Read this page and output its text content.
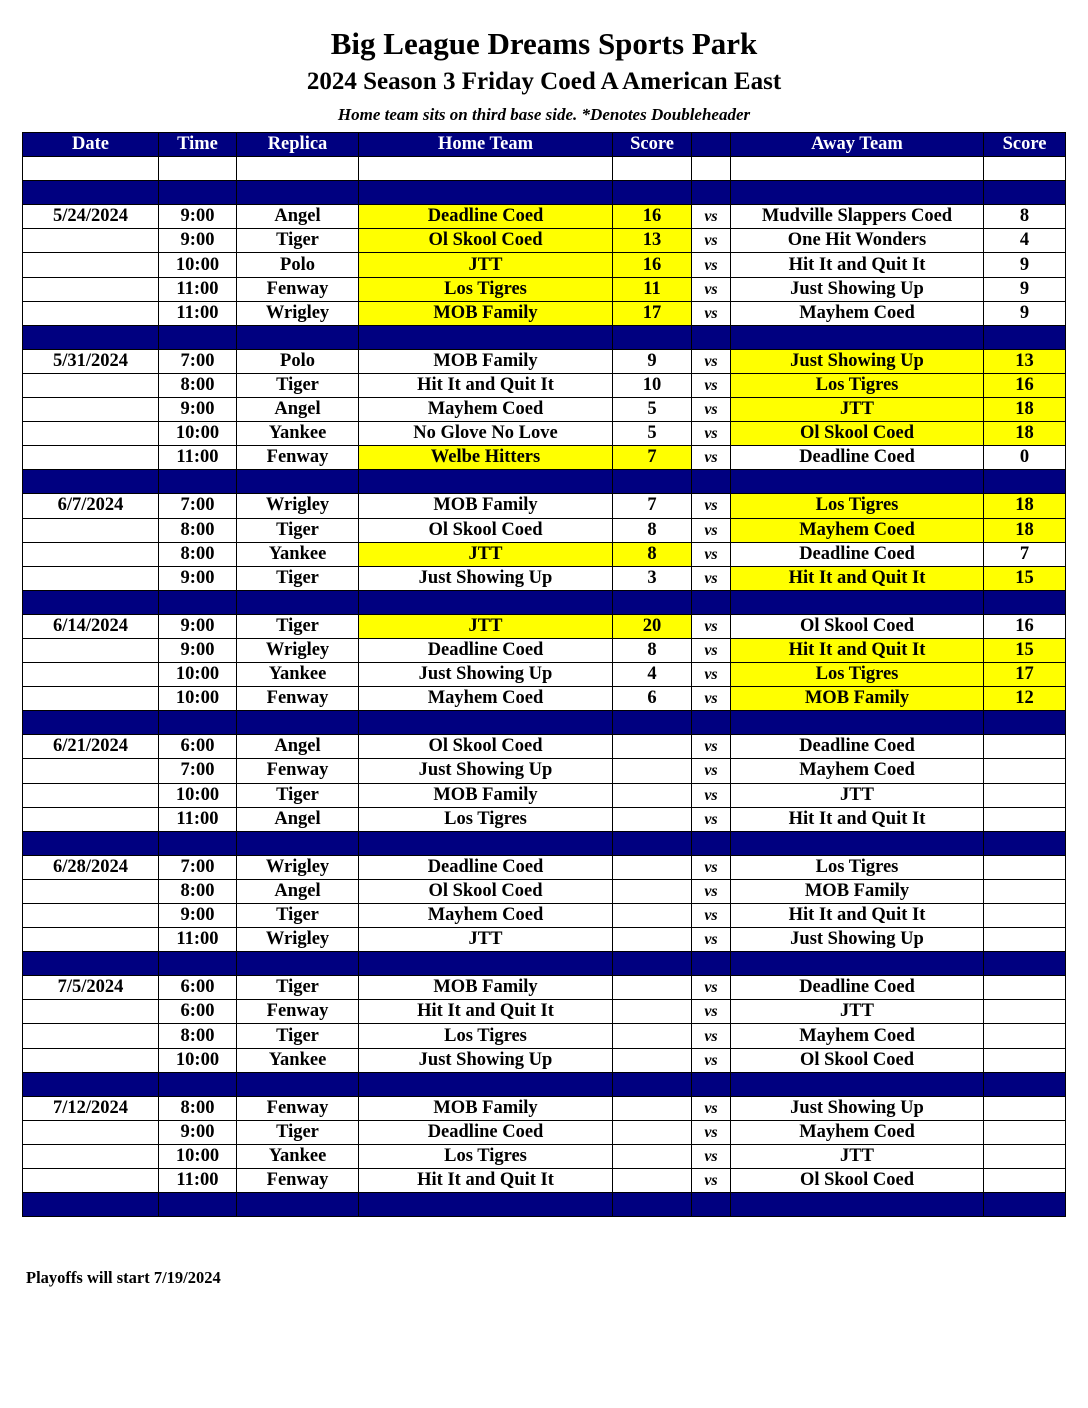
Big League Dreams Sports Park
2024 Season 3 Friday Coed A American East
Home team sits on third base side. *Denotes Doubleheader
Date	Time	Replica	Home Team	Score		Away Team	Score

5/24/2024	9:00	Angel	Deadline Coed	16	vs	Mudville Slappers Coed	8
	9:00	Tiger	Ol Skool Coed	13	vs	One Hit Wonders	4
	10:00	Polo	JTT	16	vs	Hit It and Quit It	9
	11:00	Fenway	Los Tigres	11	vs	Just Showing Up	9
	11:00	Wrigley	MOB Family	17	vs	Mayhem Coed	9

5/31/2024	7:00	Polo	MOB Family	9	vs	Just Showing Up	13
	8:00	Tiger	Hit It and Quit It	10	vs	Los Tigres	16
	9:00	Angel	Mayhem Coed	5	vs	JTT	18
	10:00	Yankee	No Glove No Love	5	vs	Ol Skool Coed	18
	11:00	Fenway	Welbe Hitters	7	vs	Deadline Coed	0

6/7/2024	7:00	Wrigley	MOB Family	7	vs	Los Tigres	18
	8:00	Tiger	Ol Skool Coed	8	vs	Mayhem Coed	18
	8:00	Yankee	JTT	8	vs	Deadline Coed	7
	9:00	Tiger	Just Showing Up	3	vs	Hit It and Quit It	15

6/14/2024	9:00	Tiger	JTT	20	vs	Ol Skool Coed	16
	9:00	Wrigley	Deadline Coed	8	vs	Hit It and Quit It	15
	10:00	Yankee	Just Showing Up	4	vs	Los Tigres	17
	10:00	Fenway	Mayhem Coed	6	vs	MOB Family	12

6/21/2024	6:00	Angel	Ol Skool Coed		vs	Deadline Coed	
	7:00	Fenway	Just Showing Up		vs	Mayhem Coed	
	10:00	Tiger	MOB Family		vs	JTT	
	11:00	Angel	Los Tigres		vs	Hit It and Quit It	

6/28/2024	7:00	Wrigley	Deadline Coed		vs	Los Tigres	
	8:00	Angel	Ol Skool Coed		vs	MOB Family	
	9:00	Tiger	Mayhem Coed		vs	Hit It and Quit It	
	11:00	Wrigley	JTT		vs	Just Showing Up	

7/5/2024	6:00	Tiger	MOB Family		vs	Deadline Coed	
	6:00	Fenway	Hit It and Quit It		vs	JTT	
	8:00	Tiger	Los Tigres		vs	Mayhem Coed	
	10:00	Yankee	Just Showing Up		vs	Ol Skool Coed	

7/12/2024	8:00	Fenway	MOB Family		vs	Just Showing Up	
	9:00	Tiger	Deadline Coed		vs	Mayhem Coed	
	10:00	Yankee	Los Tigres		vs	JTT	
	11:00	Fenway	Hit It and Quit It		vs	Ol Skool Coed	

Playoffs will start 7/19/2024
